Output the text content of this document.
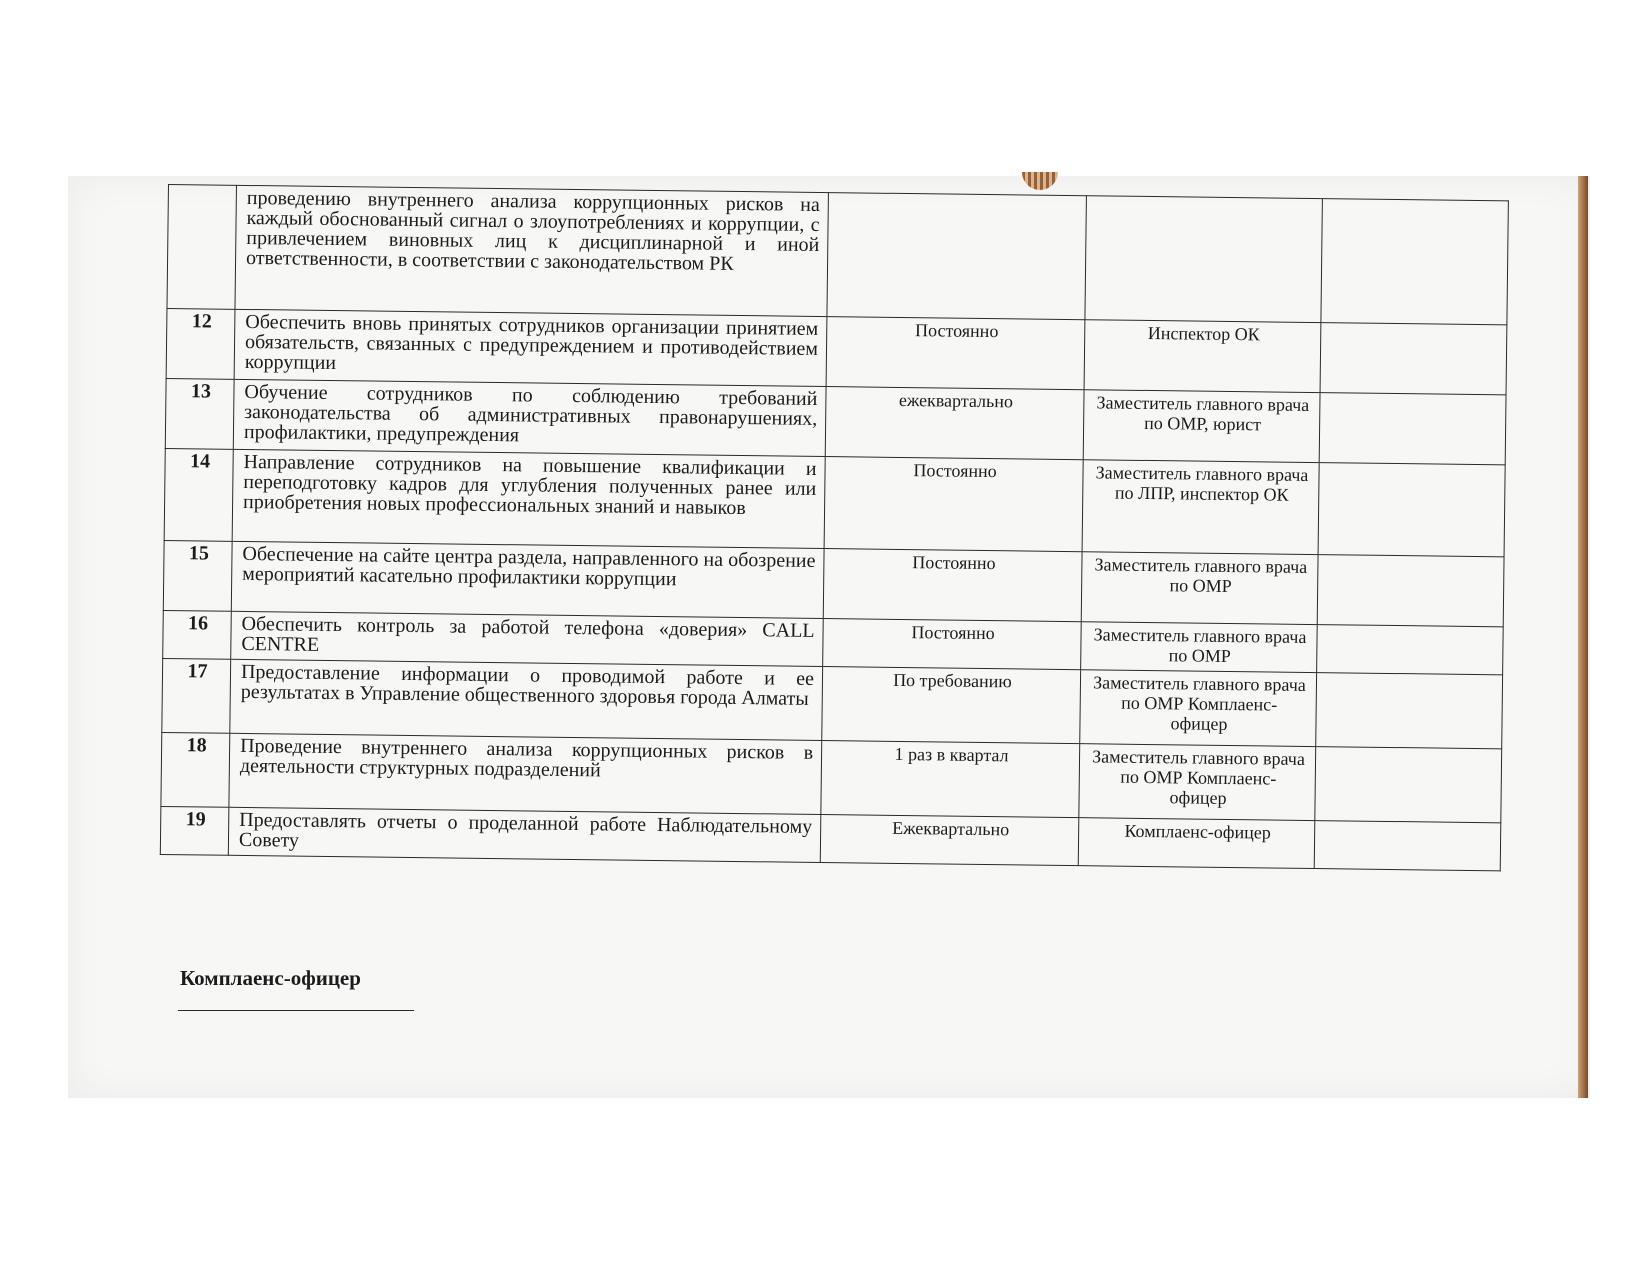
	проведению внутреннего анализа коррупционных рисков на каждый обоснованный сигнал о злоупотреблениях и коррупции, с привлечением виновных лиц к дисциплинарной и иной ответственности, в соответствии с законодательством РК			
12	Обеспечить вновь принятых сотрудников организации принятием обязательств, связанных с предупреждением и противодействием коррупции	Постоянно	Инспектор ОК	
13	Обучение сотрудников по соблюдению требований законодательства об административных правонарушениях, профилактики, предупреждения	ежеквартально	Заместитель главного врача по ОМР, юрист	
14	Направление сотрудников на повышение квалификации и переподготовку кадров для углубления полученных ранее или приобретения новых профессиональных знаний и навыков	Постоянно	Заместитель главного врача по ЛПР, инспектор ОК	
15	Обеспечение на сайте центра раздела, направленного на обозрение мероприятий касательно профилактики коррупции	Постоянно	Заместитель главного врача по ОМР	
16	Обеспечить контроль за работой телефона «доверия» CALL CENTRE	Постоянно	Заместитель главного врача по ОМР	
17	Предоставление информации о проводимой работе и ее результатах в Управление общественного здоровья города Алматы	По требованию	Заместитель главного врача по ОМР Комплаенс- офицер	
18	Проведение внутреннего анализа коррупционных рисков в деятельности структурных подразделений	1 раз в квартал	Заместитель главного врача по ОМР Комплаенс- офицер	
19	Предоставлять отчеты о проделанной работе Наблюдательному Совету	Ежеквартально	Комплаенс-офицер	
Комплаенс-офицер
